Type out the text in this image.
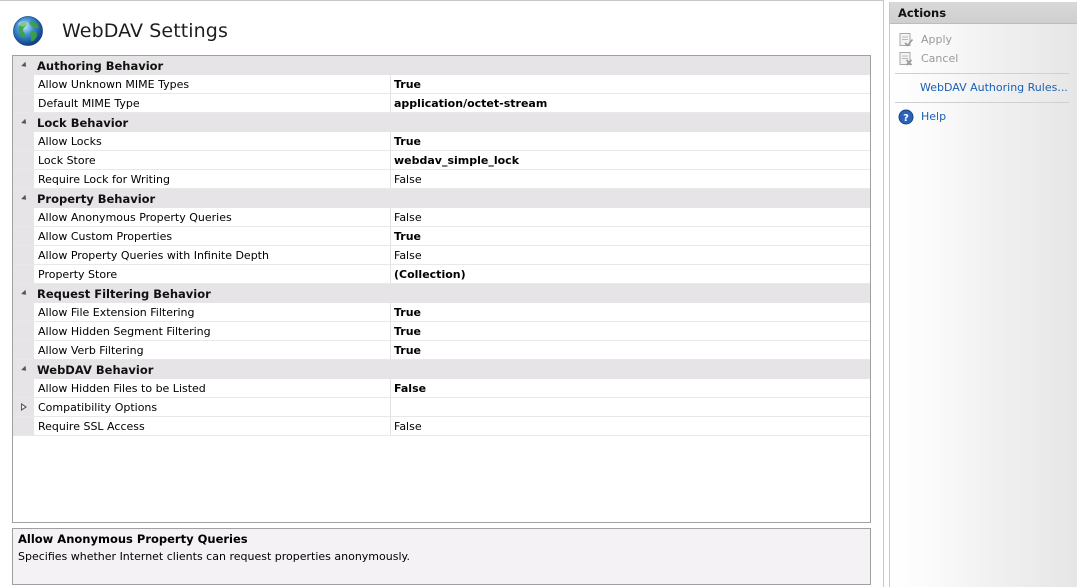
WebDAV Settings
Authoring Behavior
Allow Unknown MIME Types	True
Default MIME Type	application/octet-stream
Lock Behavior
Allow Locks	True
Lock Store	webdav_simple_lock
Require Lock for Writing	False
Property Behavior
Allow Anonymous Property Queries	False
Allow Custom Properties	True
Allow Property Queries with Infinite Depth	False
Property Store	(Collection)
Request Filtering Behavior
Allow File Extension Filtering	True
Allow Hidden Segment Filtering	True
Allow Verb Filtering	True
WebDAV Behavior
Allow Hidden Files to be Listed	False
Compatibility Options
Require SSL Access	False
Allow Anonymous Property Queries
Specifies whether Internet clients can request properties anonymously.
Actions
Apply
Cancel
WebDAV Authoring Rules...
? Help
